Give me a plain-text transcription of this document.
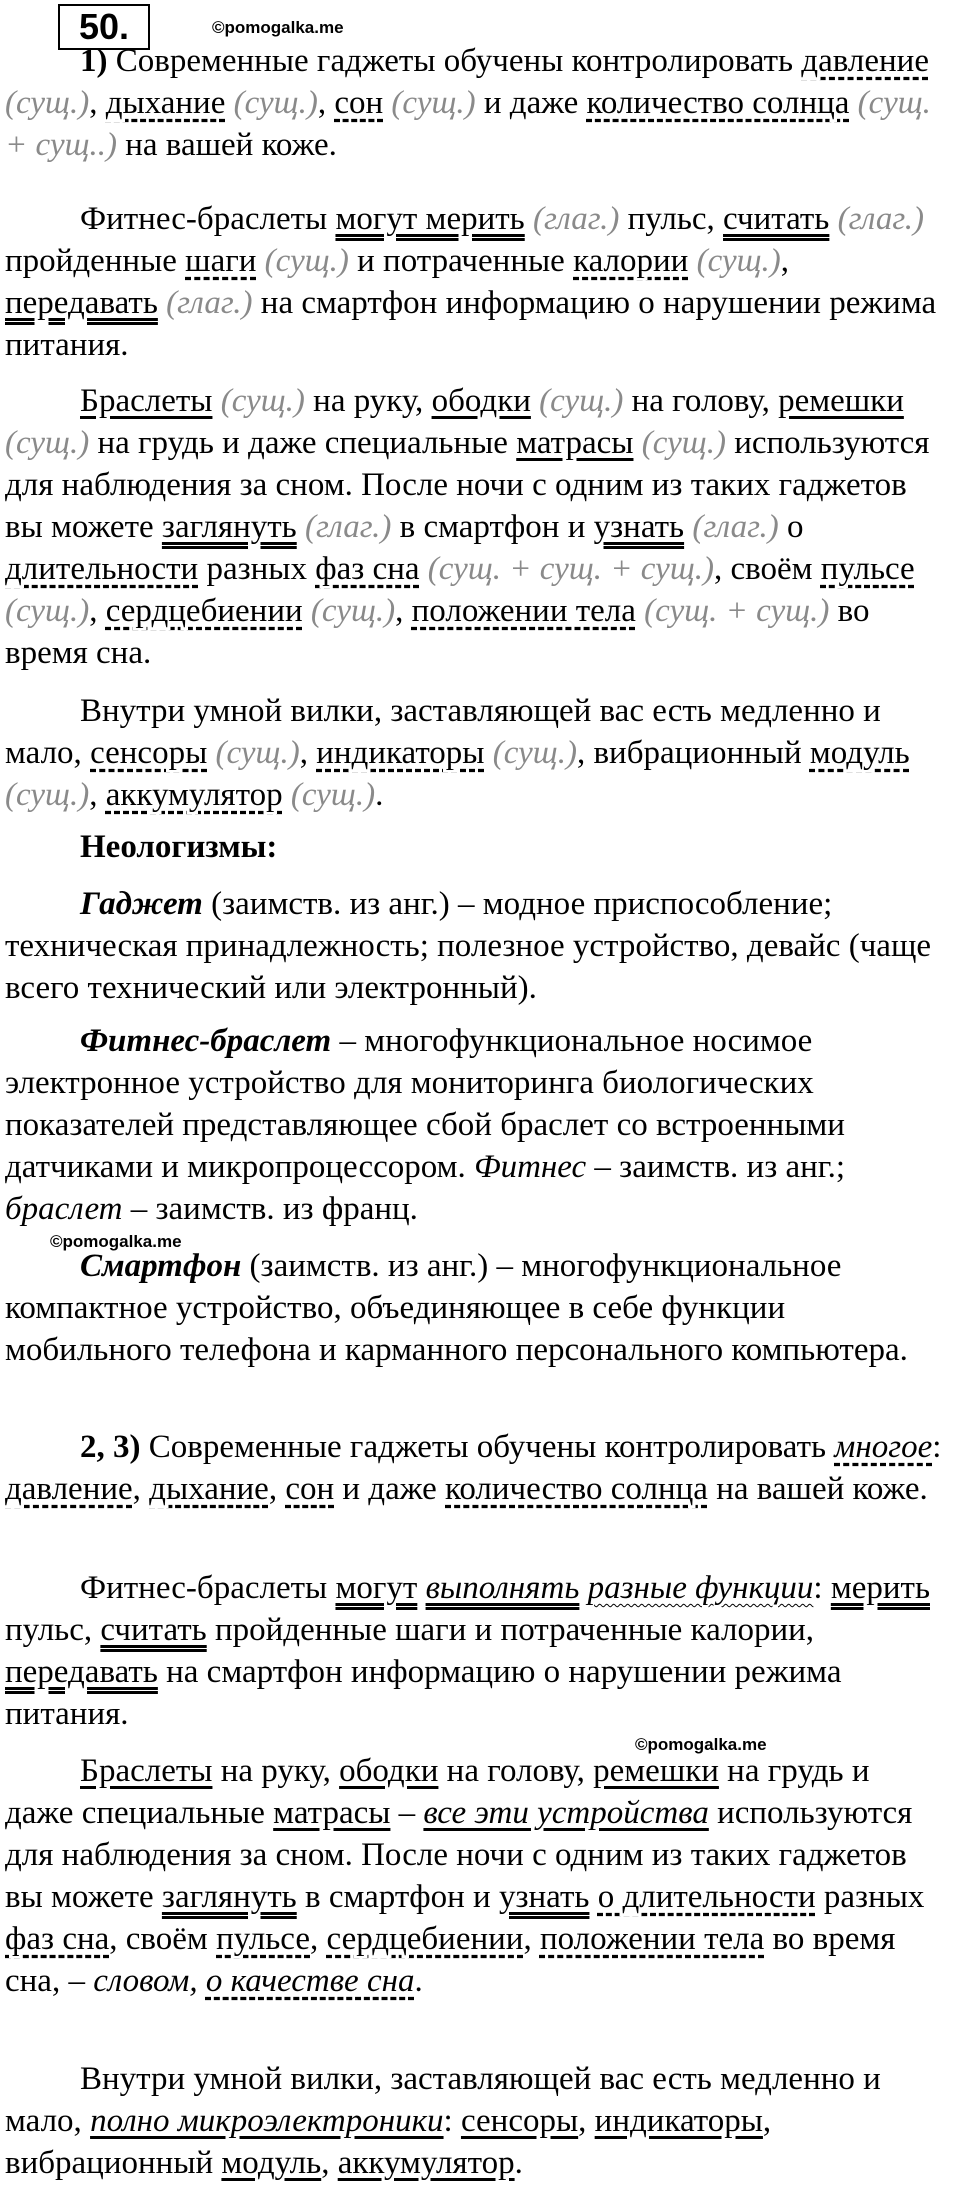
50.	©pomogalka.me

1) Современные гаджеты обучены контролировать давление (сущ.), дыхание (сущ.), сон (сущ.) и даже количество солнца (сущ. + сущ..) на вашей коже.

Фитнес-браслеты могут мерить (глаг.) пульс, считать (глаг.) пройденные шаги (сущ.) и потраченные калории (сущ.), передавать (глаг.) на смартфон информацию о нарушении режима питания.

Браслеты (сущ.) на руку, ободки (сущ.) на голову, ремешки (сущ.) на грудь и даже специальные матрасы (сущ.) используются для наблюдения за сном. После ночи с одним из таких гаджетов вы можете заглянуть (глаг.) в смартфон и узнать (глаг.) о длительности разных фаз сна (сущ. + сущ. + сущ.), своём пульсе (сущ.), сердцебиении (сущ.), положении тела (сущ. + сущ.) во время сна.

Внутри умной вилки, заставляющей вас есть медленно и мало, сенсоры (сущ.), индикаторы (сущ.), вибрационный модуль (сущ.), аккумулятор (сущ.).

Неологизмы:

Гаджет (заимств. из анг.) – модное приспособление; техническая принадлежность; полезное устройство, девайс (чаще всего технический или электронный).

Фитнес-браслет – многофункциональное носимое электронное устройство для мониторинга биологических показателей представляющее сбой браслет со встроенными датчиками и микропроцессором. Фитнес – заимств. из анг.; браслет – заимств. из франц.

©pomogalka.me

Смартфон (заимств. из анг.) – многофункциональное компактное устройство, объединяющее в себе функции мобильного телефона и карманного персонального компьютера.

2, 3) Современные гаджеты обучены контролировать многое: давление, дыхание, сон и даже количество солнца на вашей коже.

Фитнес-браслеты могут выполнять разные функции: мерить пульс, считать пройденные шаги и потраченные калории, передавать на смартфон информацию о нарушении режима питания.

©pomogalka.me

Браслеты на руку, ободки на голову, ремешки на грудь и даже специальные матрасы – все эти устройства используются для наблюдения за сном. После ночи с одним из таких гаджетов вы можете заглянуть в смартфон и узнать о длительности разных фаз сна, своём пульсе, сердцебиении, положении тела во время сна, – словом, о качестве сна.

Внутри умной вилки, заставляющей вас есть медленно и мало, полно микроэлектроники: сенсоры, индикаторы, вибрационный модуль, аккумулятор.
